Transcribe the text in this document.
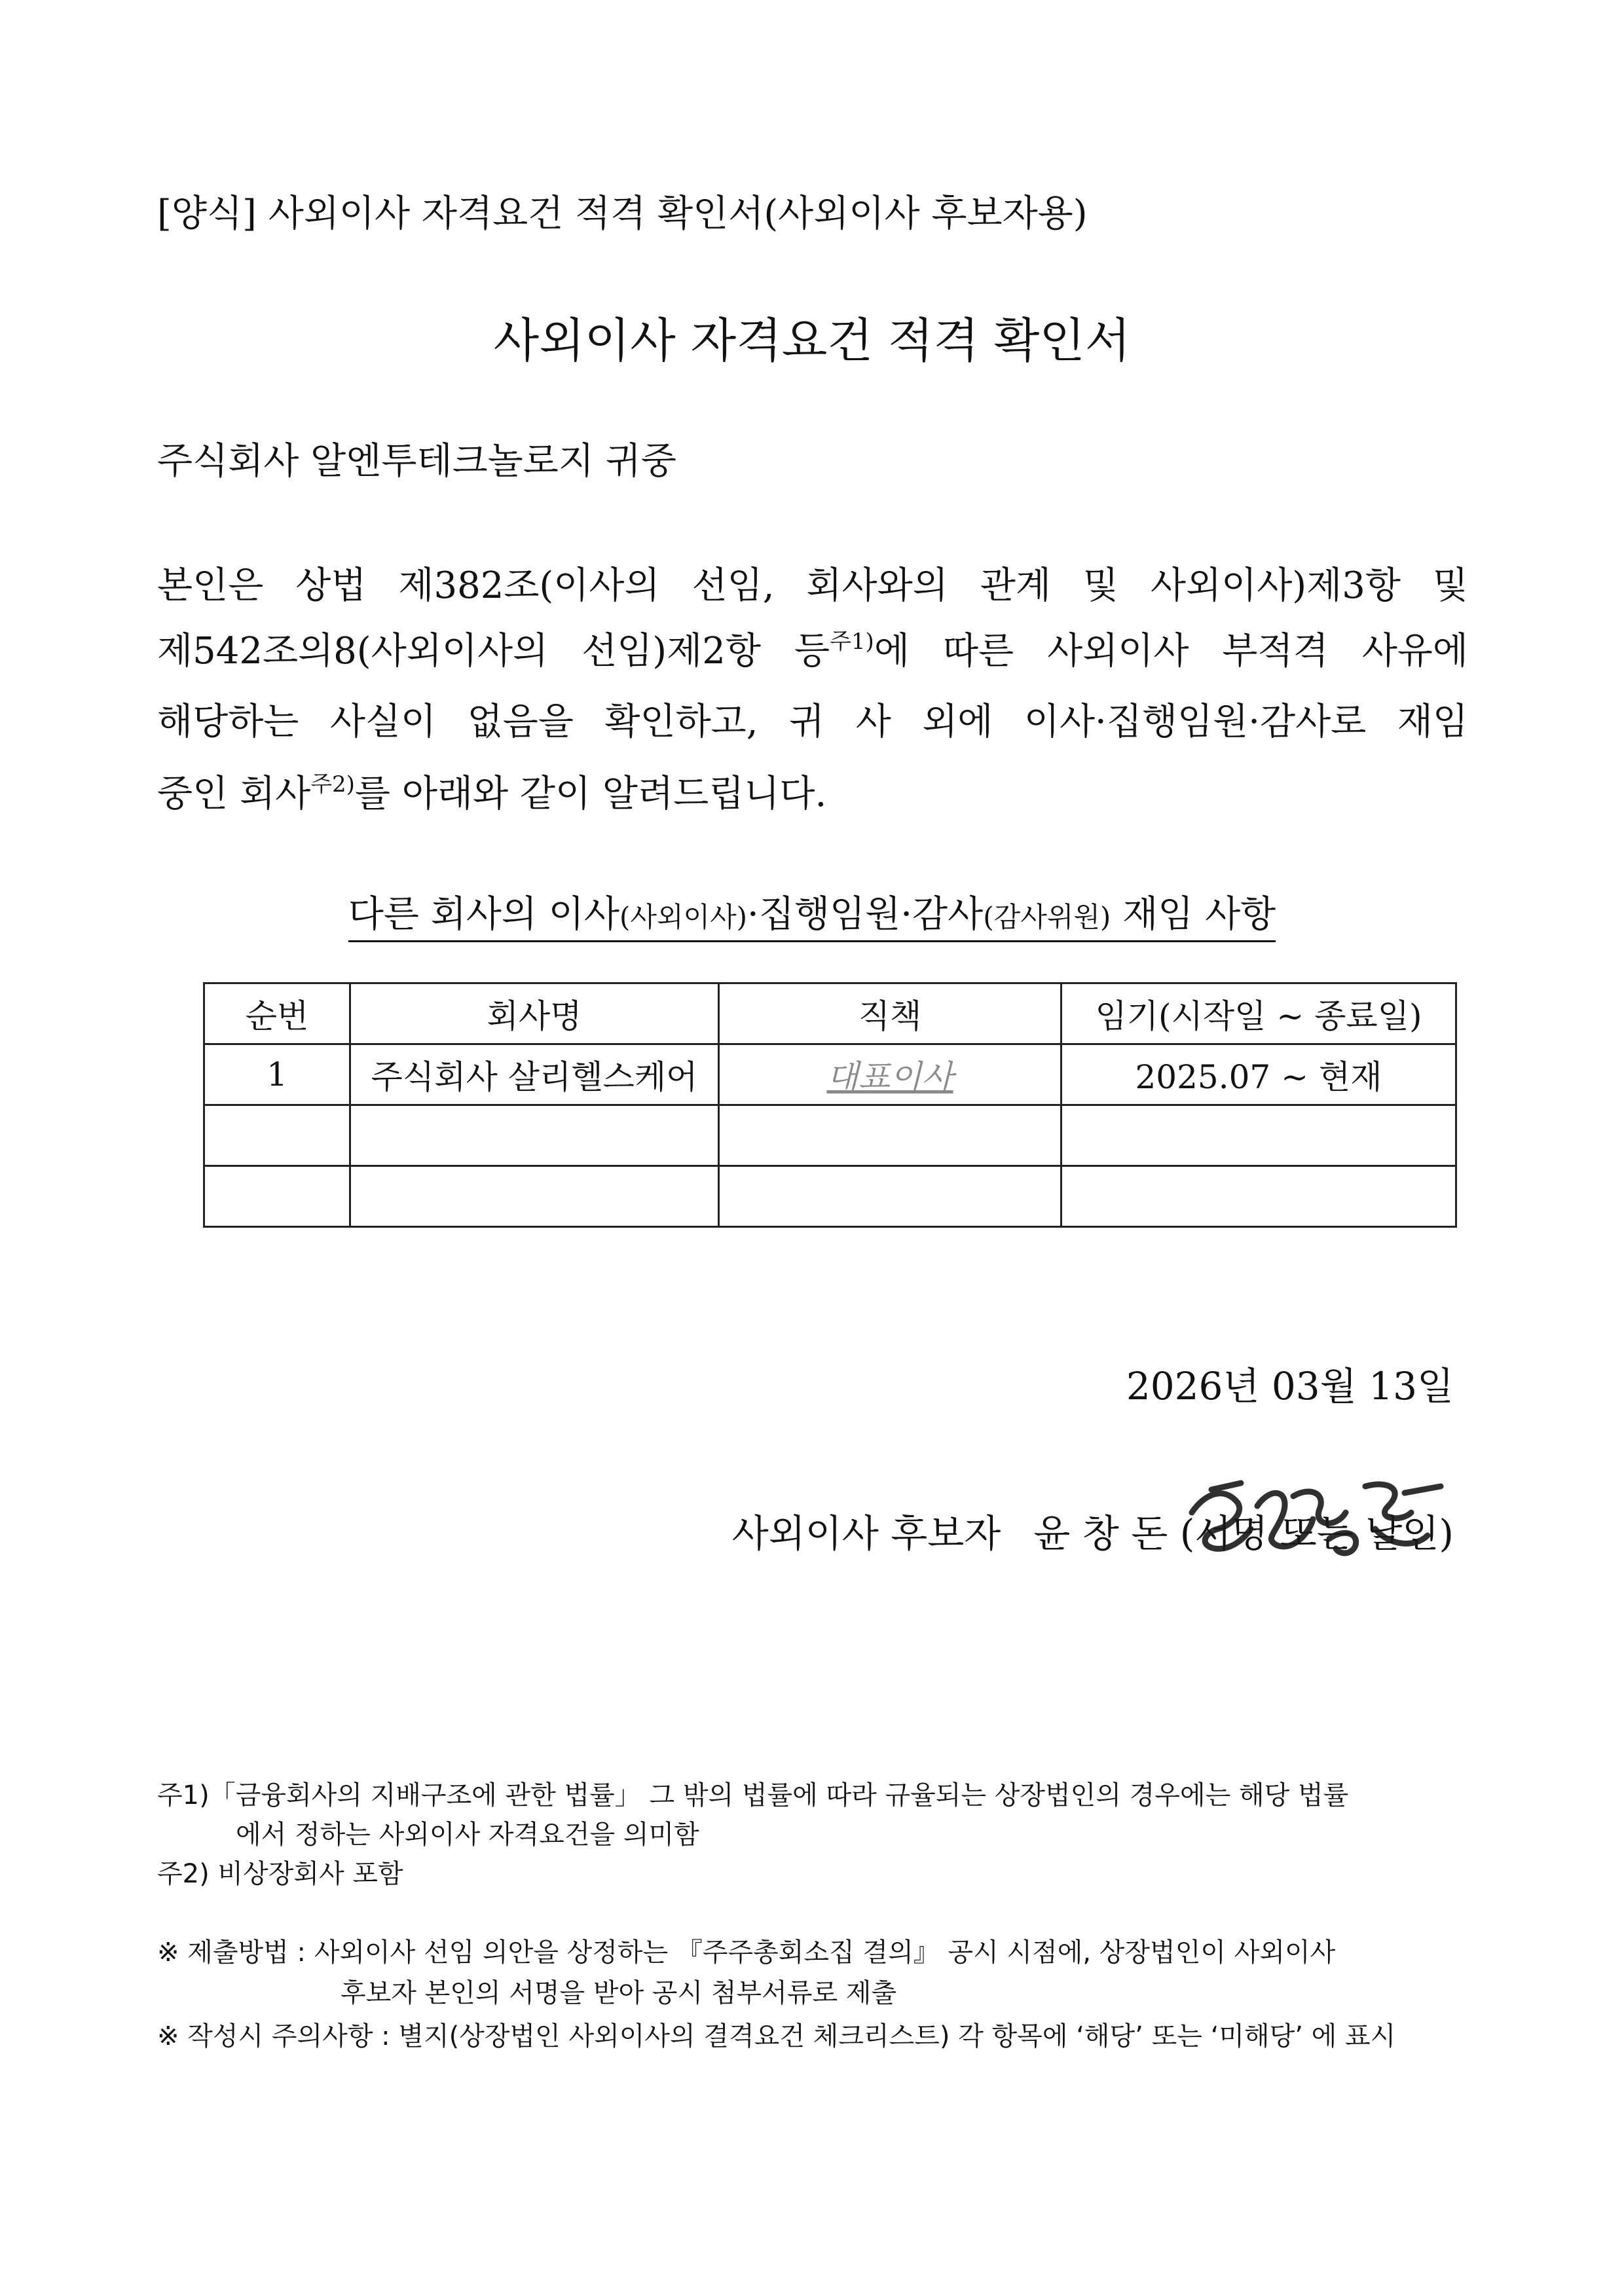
[양식] 사외이사 자격요건 적격 확인서(사외이사 후보자용)
사외이사 자격요건 적격 확인서
주식회사 알엔투테크놀로지 귀중
본인은 상법 제382조(이사의 선임, 회사와의 관계 및 사외이사)제3항 및
제542조의8(사외이사의 선임)제2항 등$^{주1)}$에 따른 사외이사 부적격 사유에
해당하는 사실이 없음을 확인하고, 귀 사 외에 이사·집행임원·감사로 재임
중인 회사$^{주2)}$를 아래와 같이 알려드립니다.
다른 회사의 이사(사외이사)·집행임원·감사(감사위원) 재임 사항
순번	회사명	직책	임기(시작일 ~ 종료일)
1	주식회사 살리헬스케어	대표이사	2025.07 ~ 현재

2026년 03월 13일
사외이사 후보자 윤 창 돈 (서명 또는 날인)
주1)「금융회사의 지배구조에 관한 법률」 그 밖의 법률에 따라 규율되는 상장법인의 경우에는 해당 법률
에서 정하는 사외이사 자격요건을 의미함
주2) 비상장회사 포함
※ 제출방법 : 사외이사 선임 의안을 상정하는 『주주총회소집 결의』 공시 시점에, 상장법인이 사외이사
후보자 본인의 서명을 받아 공시 첨부서류로 제출
※ 작성시 주의사항 : 별지(상장법인 사외이사의 결격요건 체크리스트) 각 항목에 ‘해당’ 또는 ‘미해당’ 에 표시
